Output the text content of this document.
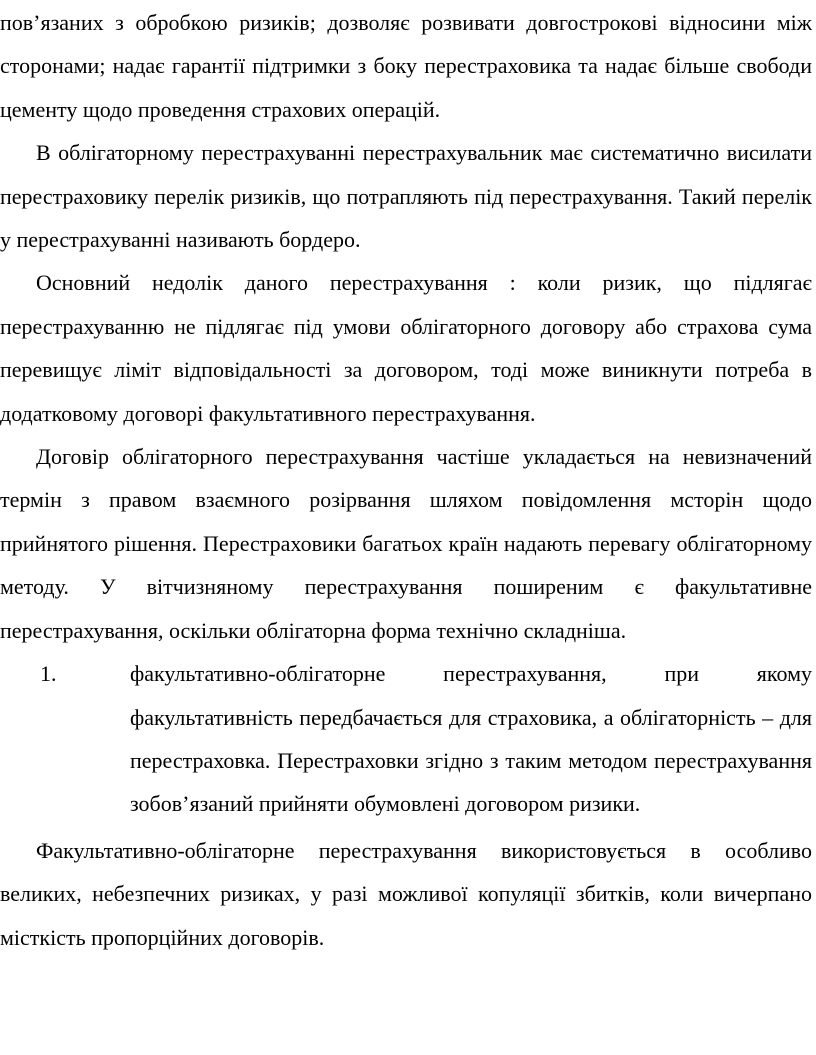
пов’язаних з обробкою ризиків; дозволяє розвивати довгострокові відносини між сторонами; надає гарантії підтримки з боку перестраховика та надає більше свободи цементу щодо проведення страхових операцій.

В облігаторному перестрахуванні перестрахувальник має систематично висилати перестраховику перелік ризиків, що потрапляють під перестрахування. Такий перелік у перестрахуванні називають бордеро.

Основний недолік даного перестрахування : коли ризик, що підлягає перестрахуванню не підлягає під умови облігаторного договору або страхова сума перевищує ліміт відповідальності за договором, тоді може виникнути потреба в додатковому договорі факультативного перестрахування.

Договір облігаторного перестрахування частіше укладається на невизначений термін з правом взаємного розірвання шляхом повідомлення мсторін щодо прийнятого рішення. Перестраховики багатьох країн надають перевагу облігаторному методу. У вітчизняному перестрахування поширеним є факультативне перестрахування, оскільки облігаторна форма технічно складніша.

1.	факультативно-облігаторне перестрахування, при якому факультативність передбачається для страховика, а облігаторність – для перестраховка. Перестраховки згідно з таким методом перестрахування зобов’язаний прийняти обумовлені договором ризики.

Факультативно-облігаторне перестрахування використовується в особливо великих, небезпечних ризиках, у разі можливої копуляції збитків, коли вичерпано місткість пропорційних договорів.
